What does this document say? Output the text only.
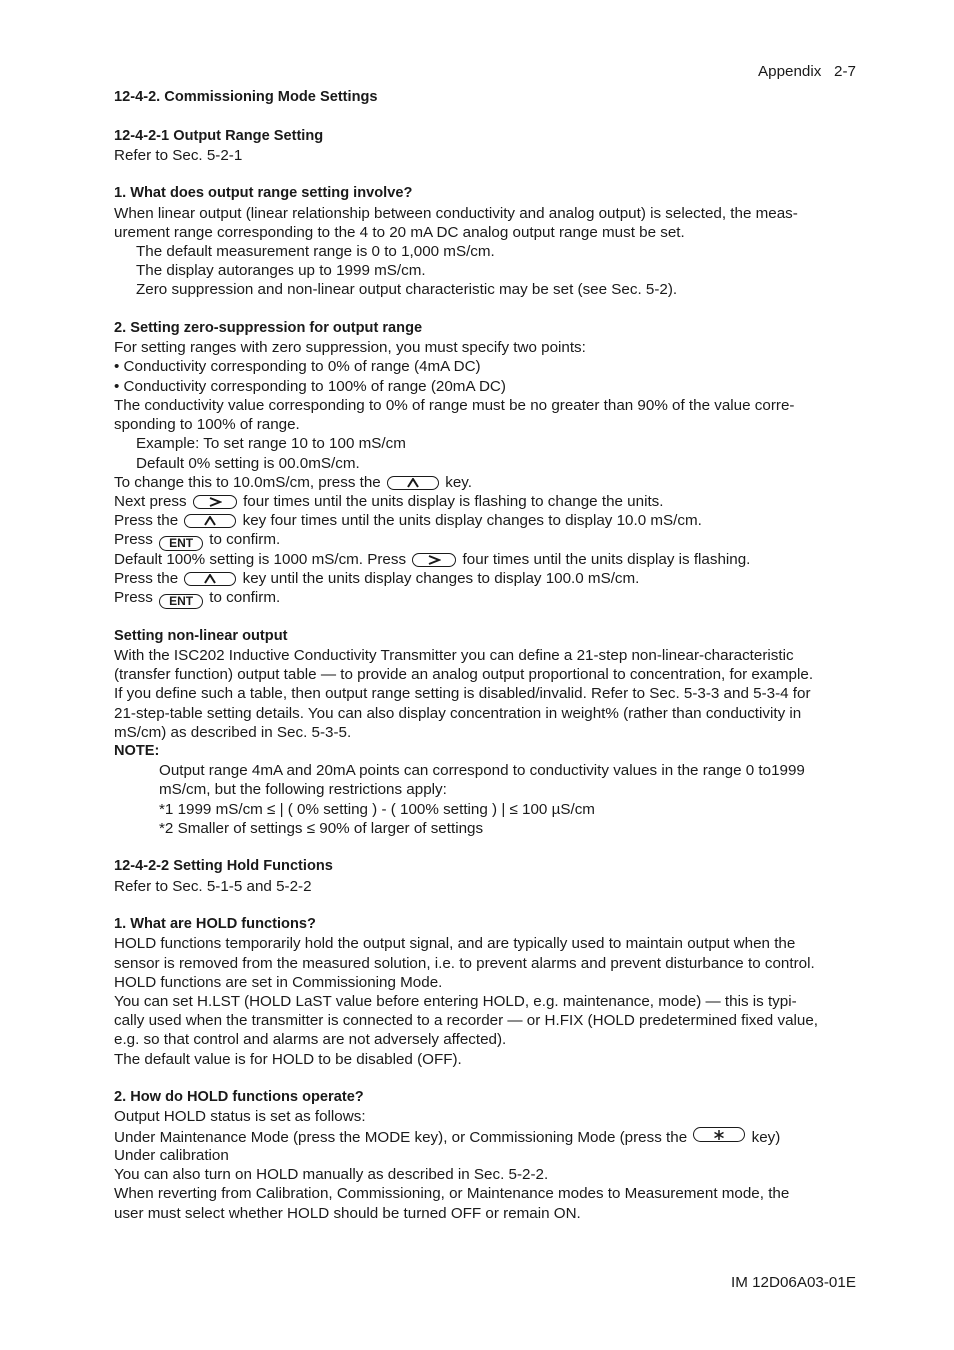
Appendix 2-7
12-4-2. Commissioning Mode Settings
12-4-2-1 Output Range Setting
Refer to Sec. 5-2-1
1. What does output range setting involve?
When linear output (linear relationship between conductivity and analog output) is selected, the meas-
urement range corresponding to the 4 to 20 mA DC analog output range must be set.
The default measurement range is 0 to 1,000 mS/cm.
The display autoranges up to 1999 mS/cm.
Zero suppression and non-linear output characteristic may be set (see Sec. 5-2).
2. Setting zero-suppression for output range
For setting ranges with zero suppression, you must specify two points:
• Conductivity corresponding to 0% of range (4mA DC)
• Conductivity corresponding to 100% of range (20mA DC)
The conductivity value corresponding to 0% of range must be no greater than 90% of the value corre-
sponding to 100% of range.
Example: To set range 10 to 100 mS/cm
Default 0% setting is 00.0mS/cm.
To change this to 10.0mS/cm, press the	key.
Next press	four times until the units display is flashing to change the units.
Press the	key four times until the units display changes to display 10.0 mS/cm.
Press ENT to confirm.
Default 100% setting is 1000 mS/cm. Press	four times until the units display is flashing.
Press the	key until the units display changes to display 100.0 mS/cm.
Press ENT to confirm.
Setting non-linear output
With the ISC202 Inductive Conductivity Transmitter you can define a 21-step non-linear-characteristic
(transfer function) output table — to provide an analog output proportional to concentration, for example.
If you define such a table, then output range setting is disabled/invalid. Refer to Sec. 5-3-3 and 5-3-4 for
21-step-table setting details. You can also display concentration in weight% (rather than conductivity in
mS/cm) as described in Sec. 5-3-5.
NOTE:
Output range 4mA and 20mA points can correspond to conductivity values in the range 0 to1999
mS/cm, but the following restrictions apply:
*1 1999 mS/cm ≤ | ( 0% setting ) - ( 100% setting ) | ≤ 100 µS/cm
*2 Smaller of settings ≤ 90% of larger of settings
12-4-2-2 Setting Hold Functions
Refer to Sec. 5-1-5 and 5-2-2
1. What are HOLD functions?
HOLD functions temporarily hold the output signal, and are typically used to maintain output when the
sensor is removed from the measured solution, i.e. to prevent alarms and prevent disturbance to control.
HOLD functions are set in Commissioning Mode.
You can set H.LST (HOLD LaST value before entering HOLD, e.g. maintenance, mode) — this is typi-
cally used when the transmitter is connected to a recorder — or H.FIX (HOLD predetermined fixed value,
e.g. so that control and alarms are not adversely affected).
The default value is for HOLD to be disabled (OFF).
2. How do HOLD functions operate?
Output HOLD status is set as follows:
Under Maintenance Mode (press the MODE key), or Commissioning Mode (press the	key)
Under calibration
You can also turn on HOLD manually as described in Sec. 5-2-2.
When reverting from Calibration, Commissioning, or Maintenance modes to Measurement mode, the
user must select whether HOLD should be turned OFF or remain ON.
IM 12D06A03-01E
